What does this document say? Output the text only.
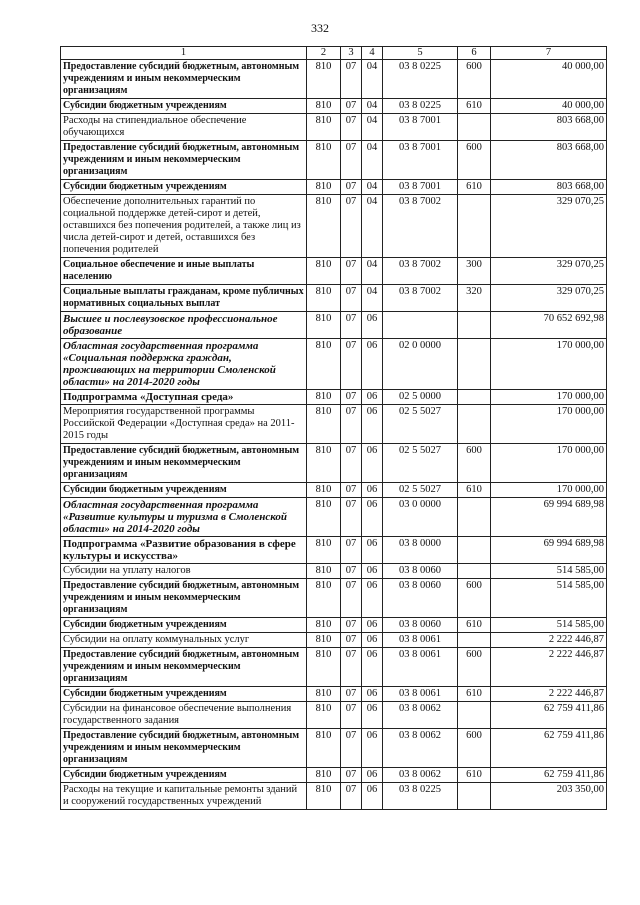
332
1	2	3	4	5	6	7
Предоставление субсидий бюджетным, автономным учреждениям и иным некоммерческим организациям	810	07	04	03 8 0225	600	40 000,00
Субсидии бюджетным учреждениям	810	07	04	03 8 0225	610	40 000,00
Расходы на стипендиальное обеспечение обучающихся	810	07	04	03 8 7001		803 668,00
Предоставление субсидий бюджетным, автономным учреждениям и иным некоммерческим организациям	810	07	04	03 8 7001	600	803 668,00
Субсидии бюджетным учреждениям	810	07	04	03 8 7001	610	803 668,00
Обеспечение дополнительных гарантий по социальной поддержке детей-сирот и детей, оставшихся без попечения родителей, а также лиц из числа детей-сирот и детей, оставшихся без попечения родителей	810	07	04	03 8 7002		329 070,25
Социальное обеспечение и иные выплаты населению	810	07	04	03 8 7002	300	329 070,25
Социальные выплаты гражданам, кроме публичных нормативных социальных выплат	810	07	04	03 8 7002	320	329 070,25
Высшее и послевузовское профессиональное образование	810	07	06			70 652 692,98
Областная государственная программа «Социальная поддержка граждан, проживающих на территории Смоленской области» на 2014-2020 годы	810	07	06	02 0 0000		170 000,00
Подпрограмма «Доступная среда»	810	07	06	02 5 0000		170 000,00
Мероприятия государственной программы Российской Федерации «Доступная среда» на 2011-2015 годы	810	07	06	02 5 5027		170 000,00
Предоставление субсидий бюджетным, автономным учреждениям и иным некоммерческим организациям	810	07	06	02 5 5027	600	170 000,00
Субсидии бюджетным учреждениям	810	07	06	02 5 5027	610	170 000,00
Областная государственная программа «Развитие культуры и туризма в Смоленской области» на 2014-2020 годы	810	07	06	03 0 0000		69 994 689,98
Подпрограмма «Развитие образования в сфере культуры и искусства»	810	07	06	03 8 0000		69 994 689,98
Субсидии на уплату налогов	810	07	06	03 8 0060		514 585,00
Предоставление субсидий бюджетным, автономным учреждениям и иным некоммерческим организациям	810	07	06	03 8 0060	600	514 585,00
Субсидии бюджетным учреждениям	810	07	06	03 8 0060	610	514 585,00
Субсидии на оплату коммунальных услуг	810	07	06	03 8 0061		2 222 446,87
Предоставление субсидий бюджетным, автономным учреждениям и иным некоммерческим организациям	810	07	06	03 8 0061	600	2 222 446,87
Субсидии бюджетным учреждениям	810	07	06	03 8 0061	610	2 222 446,87
Субсидии на финансовое обеспечение выполнения государственного задания	810	07	06	03 8 0062		62 759 411,86
Предоставление субсидий бюджетным, автономным учреждениям и иным некоммерческим организациям	810	07	06	03 8 0062	600	62 759 411,86
Субсидии бюджетным учреждениям	810	07	06	03 8 0062	610	62 759 411,86
Расходы на текущие и капитальные ремонты зданий и сооружений государственных учреждений	810	07	06	03 8 0225		203 350,00
